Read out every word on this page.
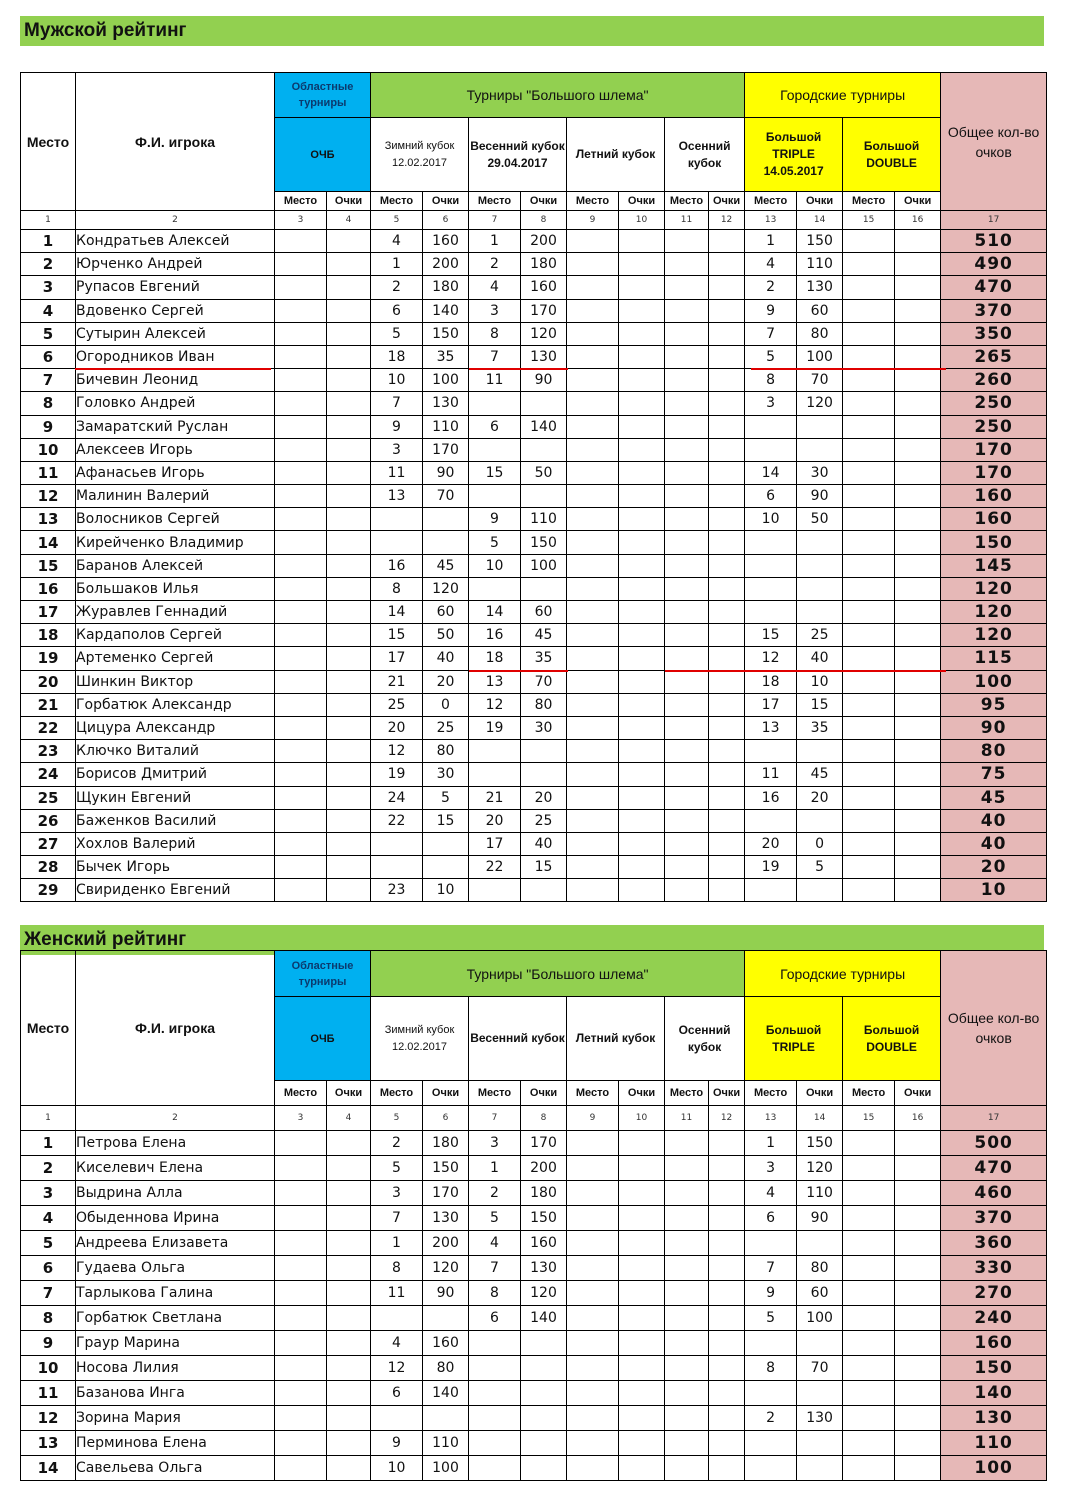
Мужской рейтинг
Место	Ф.И. игрока	Областные турниры		Турниры "Большого шлема"								Городские турниры				Общее кол-во очков
		ОЧБ		Зимний кубок 12.02.2017		Весенний кубок 29.04.2017		Летний кубок		Осенний кубок		Большой TRIPLE 14.05.2017		Большой DOUBLE		
		Место	Очки	Место	Очки	Место	Очки	Место	Очки	Место	Очки	Место	Очки	Место	Очки	
1	2	3	4	5	6	7	8	9	10	11	12	13	14	15	16	17
1	Кондратьев Алексей			4	160	1	200					1	150			510
2	Юрченко Андрей			1	200	2	180					4	110			490
3	Рупасов Евгений			2	180	4	160					2	130			470
4	Вдовенко Сергей			6	140	3	170					9	60			370
5	Сутырин Алексей			5	150	8	120					7	80			350
6	Огородников Иван			18	35	7	130					5	100			265
7	Бичевин Леонид			10	100	11	90					8	70			260
8	Головко Андрей			7	130							3	120			250
9	Замаратский Руслан			9	110	6	140									250
10	Алексеев Игорь			3	170											170
11	Афанасьев Игорь			11	90	15	50					14	30			170
12	Малинин Валерий			13	70							6	90			160
13	Волосников Сергей					9	110					10	50			160
14	Кирейченко Владимир					5	150									150
15	Баранов Алексей			16	45	10	100									145
16	Большаков Илья			8	120											120
17	Журавлев Геннадий			14	60	14	60									120
18	Кардаполов Сергей			15	50	16	45					15	25			120
19	Артеменко Сергей			17	40	18	35					12	40			115
20	Шинкин Виктор			21	20	13	70					18	10			100
21	Горбатюк Александр			25	0	12	80					17	15			95
22	Цицура Александр			20	25	19	30					13	35			90
23	Ключко Виталий			12	80											80
24	Борисов Дмитрий			19	30							11	45			75
25	Щукин Евгений			24	5	21	20					16	20			45
26	Баженков Василий			22	15	20	25									40
27	Хохлов Валерий					17	40					20	0			40
28	Бычек Игорь					22	15					19	5			20
29	Свириденко Евгений			23	10											10
Женский рейтинг
Место	Ф.И. игрока	Областные турниры		Турниры "Большого шлема"								Городские турниры				Общее кол-во очков
		ОЧБ		Зимний кубок 12.02.2017		Весенний кубок		Летний кубок		Осенний кубок		Большой TRIPLE		Большой DOUBLE		
		Место	Очки	Место	Очки	Место	Очки	Место	Очки	Место	Очки	Место	Очки	Место	Очки	
1	2	3	4	5	6	7	8	9	10	11	12	13	14	15	16	17
1	Петрова Елена			2	180	3	170					1	150			500
2	Киселевич Елена			5	150	1	200					3	120			470
3	Выдрина Алла			3	170	2	180					4	110			460
4	Обыденнова Ирина			7	130	5	150					6	90			370
5	Андреева Елизавета			1	200	4	160									360
6	Гудаева Ольга			8	120	7	130					7	80			330
7	Тарлыкова Галина			11	90	8	120					9	60			270
8	Горбатюк Светлана					6	140					5	100			240
9	Граур Марина			4	160											160
10	Носова Лилия			12	80							8	70			150
11	Базанова Инга			6	140											140
12	Зорина Мария											2	130			130
13	Перминова Елена			9	110											110
14	Савельева Ольга			10	100											100
